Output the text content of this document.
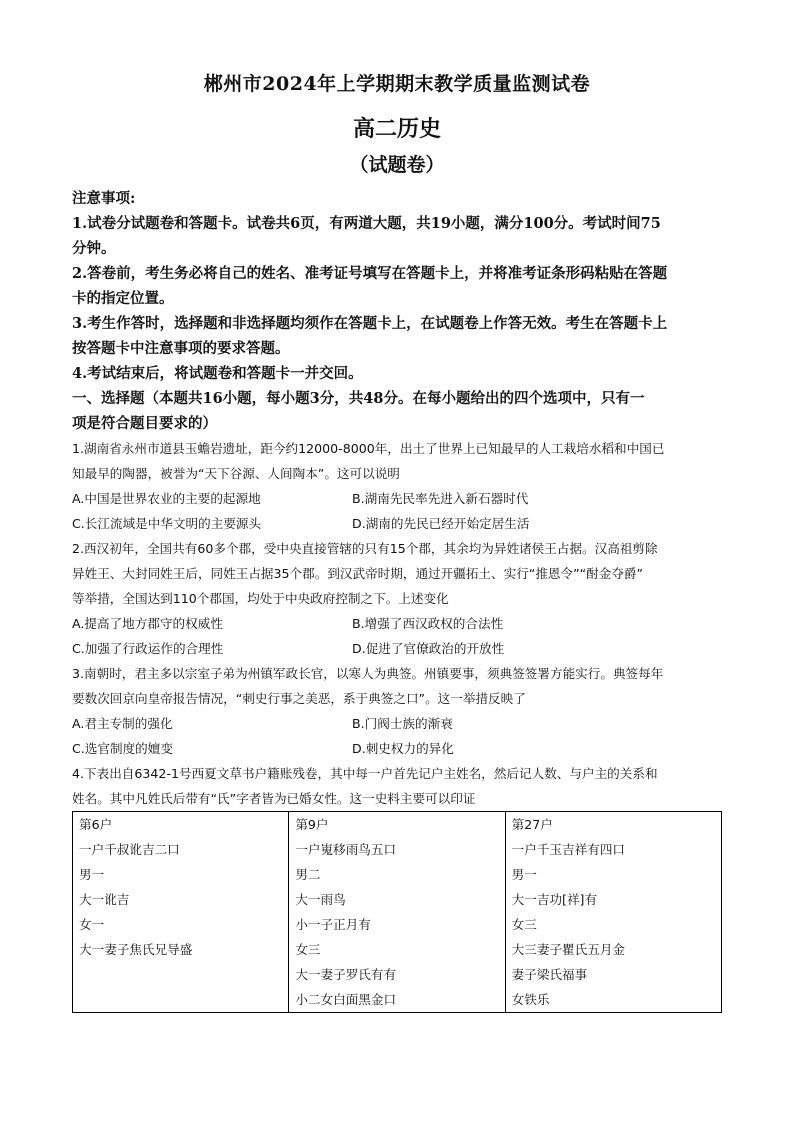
郴州市2024年上学期期末教学质量监测试卷
高二历史
（试题卷）
注意事项:
1.试卷分试题卷和答题卡。试卷共6页，有两道大题，共19小题，满分100分。考试时间75
分钟。
2.答卷前，考生务必将自己的姓名、准考证号填写在答题卡上，并将准考证条形码粘贴在答题
卡的指定位置。
3.考生作答时，选择题和非选择题均须作在答题卡上，在试题卷上作答无效。考生在答题卡上
按答题卡中注意事项的要求答题。
4.考试结束后，将试题卷和答题卡一并交回。
一、选择题（本题共16小题，每小题3分，共48分。在每小题给出的四个选项中，只有一
项是符合题目要求的）
1.湖南省永州市道县玉蟾岩遗址，距今约12000-8000年，出土了世界上已知最早的人工栽培水稻和中国已
知最早的陶器，被誉为“天下谷源、人间陶本”。这可以说明
A.中国是世界农业的主要的起源地	B.湖南先民率先进入新石器时代
C.长江流域是中华文明的主要源头	D.湖南的先民已经开始定居生活
2.西汉初年，全国共有60多个郡，受中央直接管辖的只有15个郡，其余均为异姓诸侯王占据。汉高祖剪除
异姓王、大封同姓王后，同姓王占据35个郡。到汉武帝时期，通过开疆拓土、实行“推恩令”“酎金夺爵”
等举措，全国达到110个郡国，均处于中央政府控制之下。上述变化
A.提高了地方郡守的权威性	B.增强了西汉政权的合法性
C.加强了行政运作的合理性	D.促进了官僚政治的开放性
3.南朝时，君主多以宗室子弟为州镇军政长官，以寒人为典签。州镇要事，须典签签署方能实行。典签每年
要数次回京向皇帝报告情况，“刺史行事之美恶，系于典签之口”。这一举措反映了
A.君主专制的强化	B.门阀士族的渐衰
C.选官制度的嬗变	D.刺史权力的异化
4.下表出自6342-1号西夏文草书户籍账残卷，其中每一户首先记户主姓名，然后记人数、与户主的关系和
姓名。其中凡姓氏后带有“氏”字者皆为已婚女性。这一史料主要可以印证
第6户
一户千叔讹吉二口
男一
大一讹吉
女一
大一妻子焦氏兄导盛

第9户
一户嵬移雨鸟五口
男二
大一雨鸟
小一子正月有
女三
大一妻子罗氏有有
小二女白面黑金口

第27户
一户千玉吉祥有四口
男一
大一吉功[祥]有
女三
大三妻子瞿氏五月金
妻子梁氏福事
女铁乐
